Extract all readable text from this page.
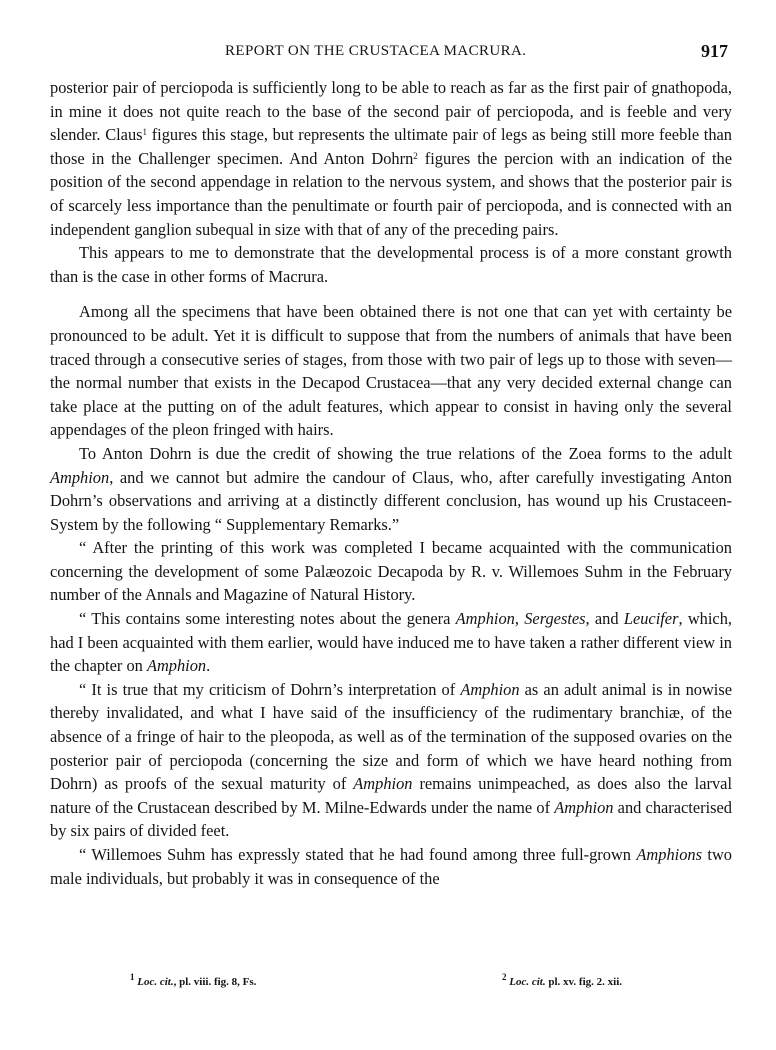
REPORT ON THE CRUSTACEA MACRURA.	917

posterior pair of perciopoda is sufficiently long to be able to reach as far as the first pair of gnathopoda, in mine it does not quite reach to the base of the second pair of perciopoda, and is feeble and very slender. Claus$^1$ figures this stage, but represents the ultimate pair of legs as being still more feeble than those in the Challenger specimen. And Anton Dohrn$^2$ figures the percion with an indication of the position of the second appendage in relation to the nervous system, and shows that the posterior pair is of scarcely less importance than the penultimate or fourth pair of perciopoda, and is connected with an independent ganglion subequal in size with that of any of the preceding pairs.

This appears to me to demonstrate that the developmental process is of a more constant growth than is the case in other forms of Macrura.

Among all the specimens that have been obtained there is not one that can yet with certainty be pronounced to be adult. Yet it is difficult to suppose that from the numbers of animals that have been traced through a consecutive series of stages, from those with two pair of legs up to those with seven—the normal number that exists in the Decapod Crustacea—that any very decided external change can take place at the putting on of the adult features, which appear to consist in having only the several appendages of the pleon fringed with hairs.

To Anton Dohrn is due the credit of showing the true relations of the Zoea forms to the adult Amphion, and we cannot but admire the candour of Claus, who, after carefully investigating Anton Dohrn’s observations and arriving at a distinctly different conclusion, has wound up his Crustaceen-System by the following “ Supplementary Remarks.”

“ After the printing of this work was completed I became acquainted with the communication concerning the development of some Palæozoic Decapoda by R. v. Willemoes Suhm in the February number of the Annals and Magazine of Natural History.

“ This contains some interesting notes about the genera Amphion, Sergestes, and Leucifer, which, had I been acquainted with them earlier, would have induced me to have taken a rather different view in the chapter on Amphion.

“ It is true that my criticism of Dohrn’s interpretation of Amphion as an adult animal is in nowise thereby invalidated, and what I have said of the insufficiency of the rudimentary branchiæ, of the absence of a fringe of hair to the pleopoda, as well as of the termination of the supposed ovaries on the posterior pair of perciopoda (concerning the size and form of which we have heard nothing from Dohrn) as proofs of the sexual maturity of Amphion remains unimpeached, as does also the larval nature of the Crustacean described by M. Milne-Edwards under the name of Amphion and characterised by six pairs of divided feet.

“ Willemoes Suhm has expressly stated that he had found among three full-grown Amphions two male individuals, but probably it was in consequence of the

$^1$ Loc. cit., pl. viii. fig. 8, Fs.	$^2$ Loc. cit. pl. xv. fig. 2. xii.
